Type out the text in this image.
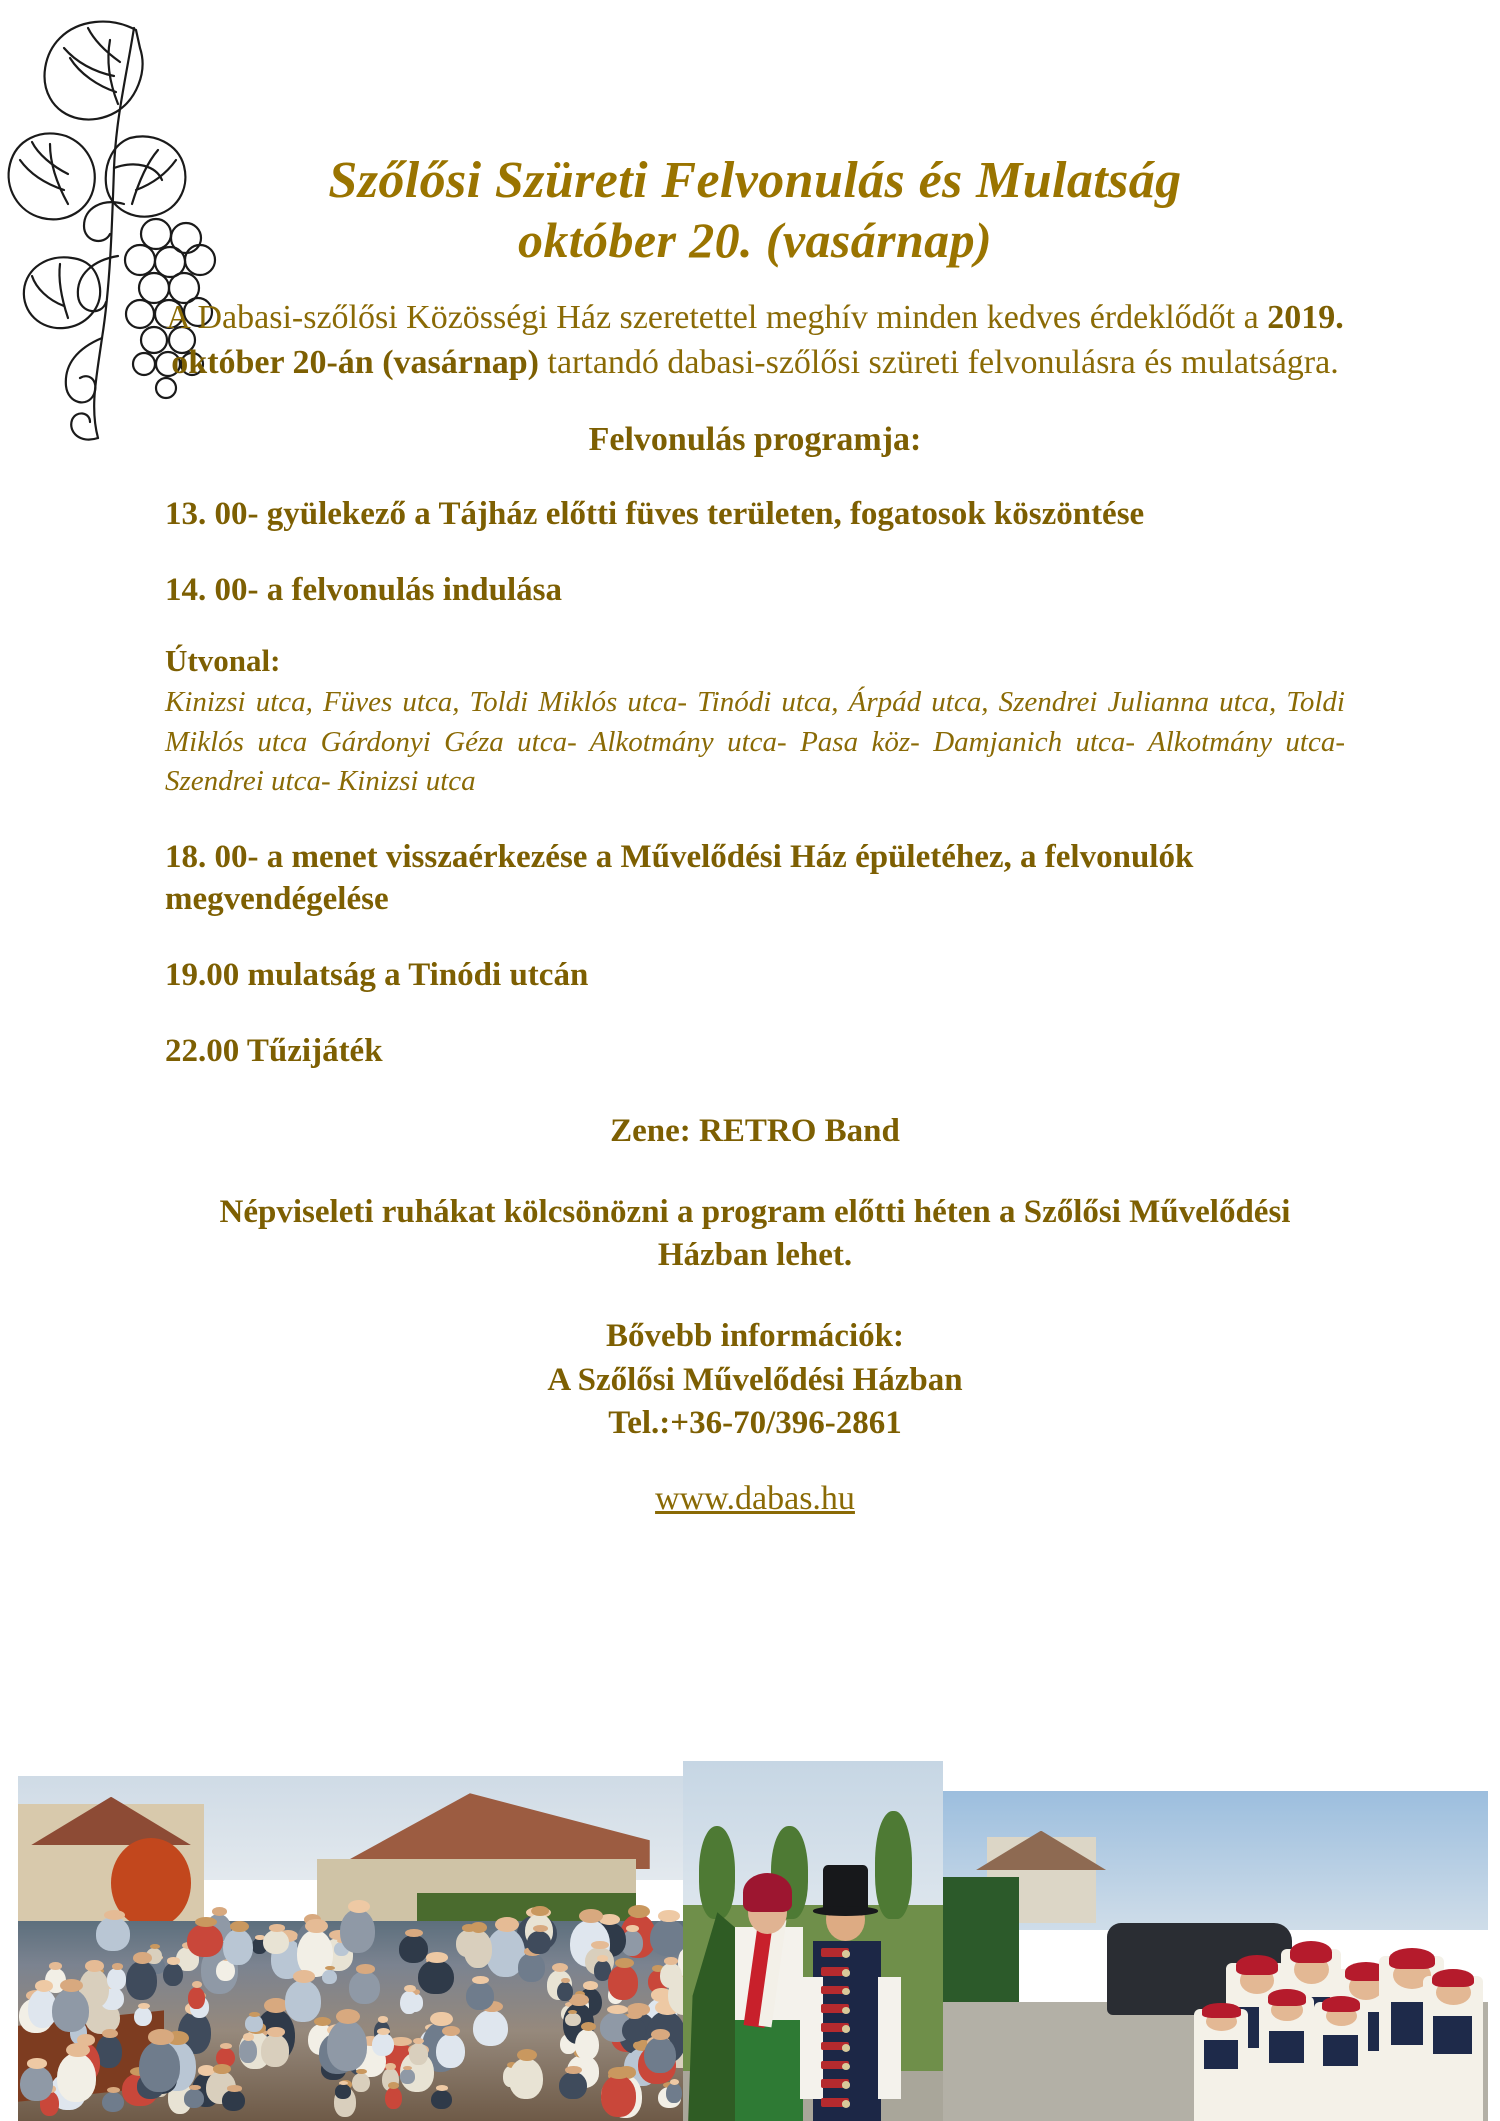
Szőlősi Szüreti Felvonulás és Mulatság
október 20. (vasárnap)

A Dabasi-szőlősi Közösségi Ház szeretettel meghív minden kedves érdeklődőt a 2019. október 20-án (vasárnap) tartandó dabasi-szőlősi szüreti felvonulásra és mulatságra.

Felvonulás programja:
13. 00- gyülekező a Tájház előtti füves területen, fogatosok köszöntése
14. 00- a felvonulás indulása
Útvonal:
Kinizsi utca, Füves utca, Toldi Miklós utca- Tinódi utca, Árpád utca, Szendrei Julianna utca, Toldi Miklós utca Gárdonyi Géza utca- Alkotmány utca- Pasa köz- Damjanich utca- Alkotmány utca- Szendrei utca- Kinizsi utca
18. 00- a menet visszaérkezése a Művelődési Ház épületéhez, a felvonulók megvendégelése
19.00 mulatság a Tinódi utcán
22.00 Tűzijáték
Zene: RETRO Band
Népviseleti ruhákat kölcsönözni a program előtti héten a Szőlősi Művelődési Házban lehet.
Bővebb információk:
A Szőlősi Művelődési Házban
Tel.:+36-70/396-2861
www.dabas.hu
